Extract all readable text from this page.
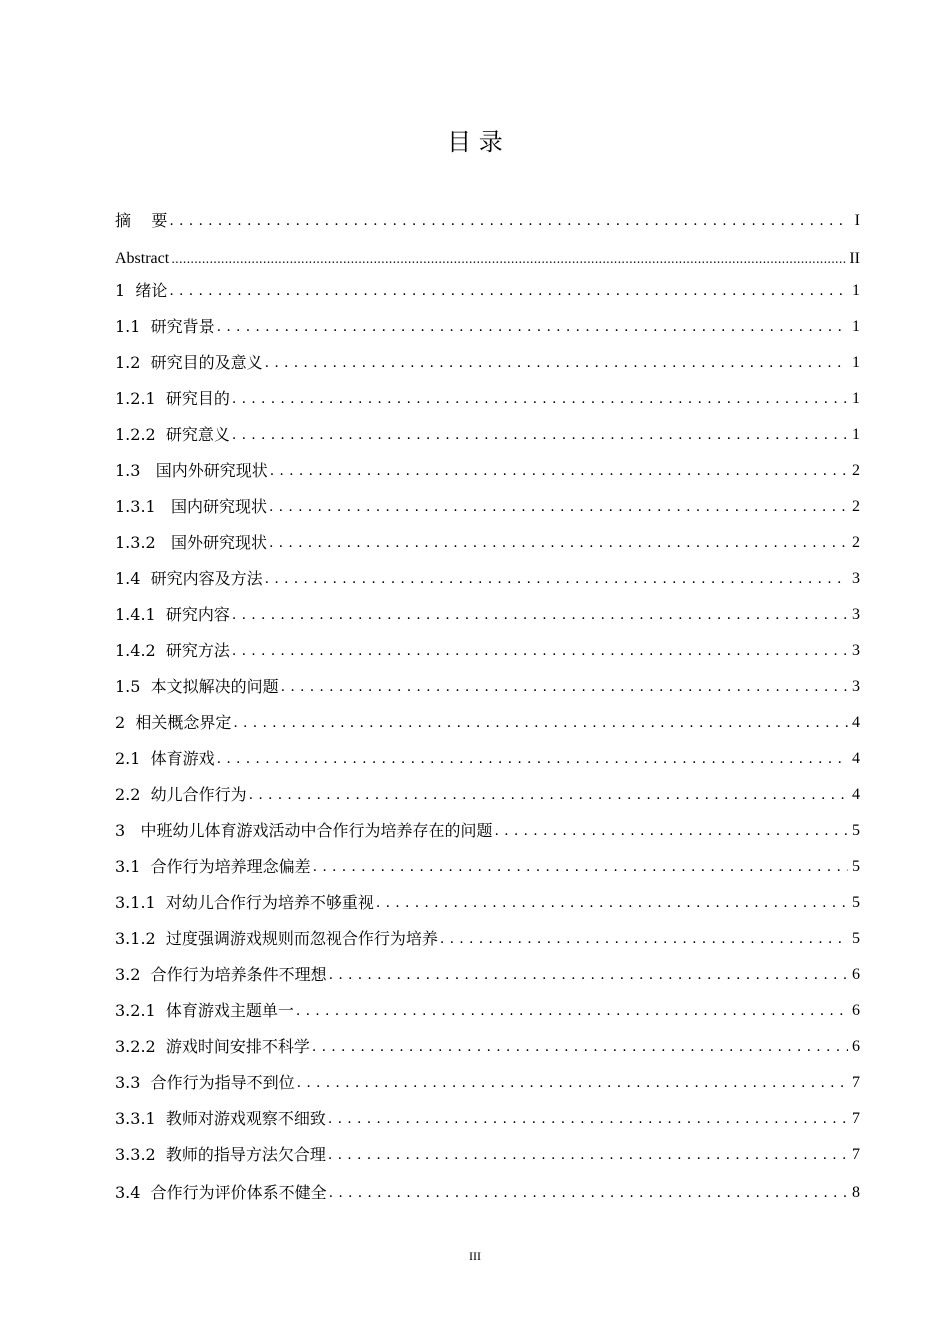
目 录
摘    要 . . .	I
Abstract .....	II
1  绪论 . . .	1
1.1  研究背景 . . .	1
1.2  研究目的及意义 . . .	1
1.2.1  研究目的 . . .	1
1.2.2  研究意义 . . .	1
1.3   国内外研究现状 . . .	2
1.3.1   国内研究现状 . . .	2
1.3.2   国外研究现状 . . .	2
1.4  研究内容及方法 . . .	3
1.4.1  研究内容 . . .	3
1.4.2  研究方法 . . .	3
1.5  本文拟解决的问题 . . .	3
2  相关概念界定 . . .	4
2.1  体育游戏 . . .	4
2.2  幼儿合作行为 . . .	4
3   中班幼儿体育游戏活动中合作行为培养存在的问题 . . .	5
3.1  合作行为培养理念偏差 . . .	5
3.1.1  对幼儿合作行为培养不够重视 . . .	5
3.1.2  过度强调游戏规则而忽视合作行为培养 . . .	5
3.2  合作行为培养条件不理想 . . .	6
3.2.1  体育游戏主题单一 . . .	6
3.2.2  游戏时间安排不科学 . . .	6
3.3  合作行为指导不到位 . . .	7
3.3.1  教师对游戏观察不细致 . . .	7
3.3.2  教师的指导方法欠合理 . . .	7
3.4  合作行为评价体系不健全 . . .	8
III
